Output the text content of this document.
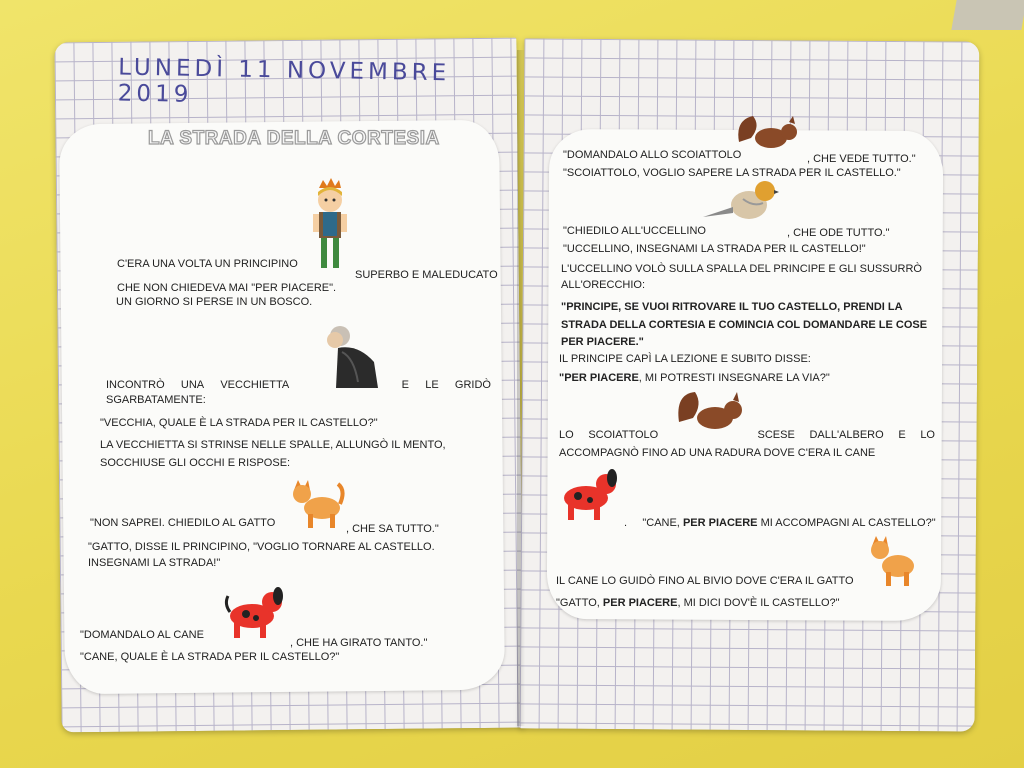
LUNEDÌ 11 NOVEMBRE 2019
LA STRADA DELLA CORTESIA
C'ERA UNA VOLTA UN PRINCIPINO
SUPERBO E MALEDUCATO
CHE NON CHIEDEVA MAI "PER PIACERE".
UN GIORNO SI PERSE IN UN BOSCO.
INCONTRÒ UNA VECCHIETTA	E LE GRIDÒ
SGARBATAMENTE:
"VECCHIA, QUALE È LA STRADA PER IL CASTELLO?"
LA VECCHIETTA SI STRINSE NELLE SPALLE, ALLUNGÒ IL MENTO,
SOCCHIUSE GLI OCCHI E RISPOSE:
"NON SAPREI. CHIEDILO AL GATTO	, CHE SA TUTTO."
"GATTO, DISSE IL PRINCIPINO, "VOGLIO TORNARE AL CASTELLO.
INSEGNAMI LA STRADA!"
"DOMANDALO AL CANE
, CHE HA GIRATO TANTO."
"CANE, QUALE È LA STRADA PER IL CASTELLO?"
"DOMANDALO ALLO SCOIATTOLO	, CHE VEDE TUTTO."
"SCOIATTOLO, VOGLIO SAPERE LA STRADA PER IL CASTELLO."
"CHIEDILO ALL'UCCELLINO	, CHE ODE TUTTO."
"UCCELLINO, INSEGNAMI LA STRADA PER IL CASTELLO!"
L'UCCELLINO VOLÒ SULLA SPALLA DEL PRINCIPE E GLI SUSSURRÒ
ALL'ORECCHIO:
"PRINCIPE, SE VUOI RITROVARE IL TUO CASTELLO, PRENDI LA
STRADA DELLA CORTESIA E COMINCIA COL DOMANDARE LE COSE
PER PIACERE."
IL PRINCIPE CAPÌ LA LEZIONE E SUBITO DISSE:
"PER PIACERE, MI POTRESTI INSEGNARE LA VIA?"
LO SCOIATTOLO	SCESE DALL'ALBERO E LO
ACCOMPAGNÒ FINO AD UNA RADURA DOVE C'ERA IL CANE
. "CANE, PER PIACERE MI ACCOMPAGNI AL CASTELLO?"
IL CANE LO GUIDÒ FINO AL BIVIO DOVE C'ERA IL GATTO
"GATTO, PER PIACERE, MI DICI DOV'È IL CASTELLO?"
